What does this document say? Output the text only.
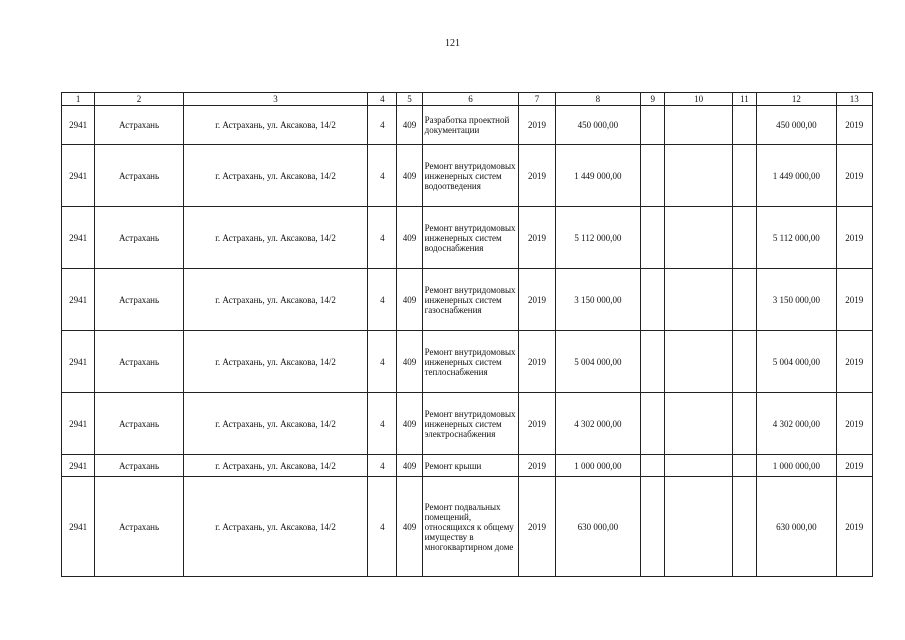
121
1	2	3	4	5	6	7	8	9	10	11	12	13
2941	Астрахань	г. Астрахань, ул. Аксакова, 14/2	4	409	Разработка проектной документации	2019	450 000,00				450 000,00	2019
2941	Астрахань	г. Астрахань, ул. Аксакова, 14/2	4	409	Ремонт внутридомовых инженерных систем водоотведения	2019	1 449 000,00				1 449 000,00	2019
2941	Астрахань	г. Астрахань, ул. Аксакова, 14/2	4	409	Ремонт внутридомовых инженерных систем водоснабжения	2019	5 112 000,00				5 112 000,00	2019
2941	Астрахань	г. Астрахань, ул. Аксакова, 14/2	4	409	Ремонт внутридомовых инженерных систем газоснабжения	2019	3 150 000,00				3 150 000,00	2019
2941	Астрахань	г. Астрахань, ул. Аксакова, 14/2	4	409	Ремонт внутридомовых инженерных систем теплоснабжения	2019	5 004 000,00				5 004 000,00	2019
2941	Астрахань	г. Астрахань, ул. Аксакова, 14/2	4	409	Ремонт внутридомовых инженерных систем электроснабжения	2019	4 302 000,00				4 302 000,00	2019
2941	Астрахань	г. Астрахань, ул. Аксакова, 14/2	4	409	Ремонт крыши	2019	1 000 000,00				1 000 000,00	2019
2941	Астрахань	г. Астрахань, ул. Аксакова, 14/2	4	409	Ремонт подвальных помещений, относящихся к общему имуществу в многоквартирном доме	2019	630 000,00				630 000,00	2019
